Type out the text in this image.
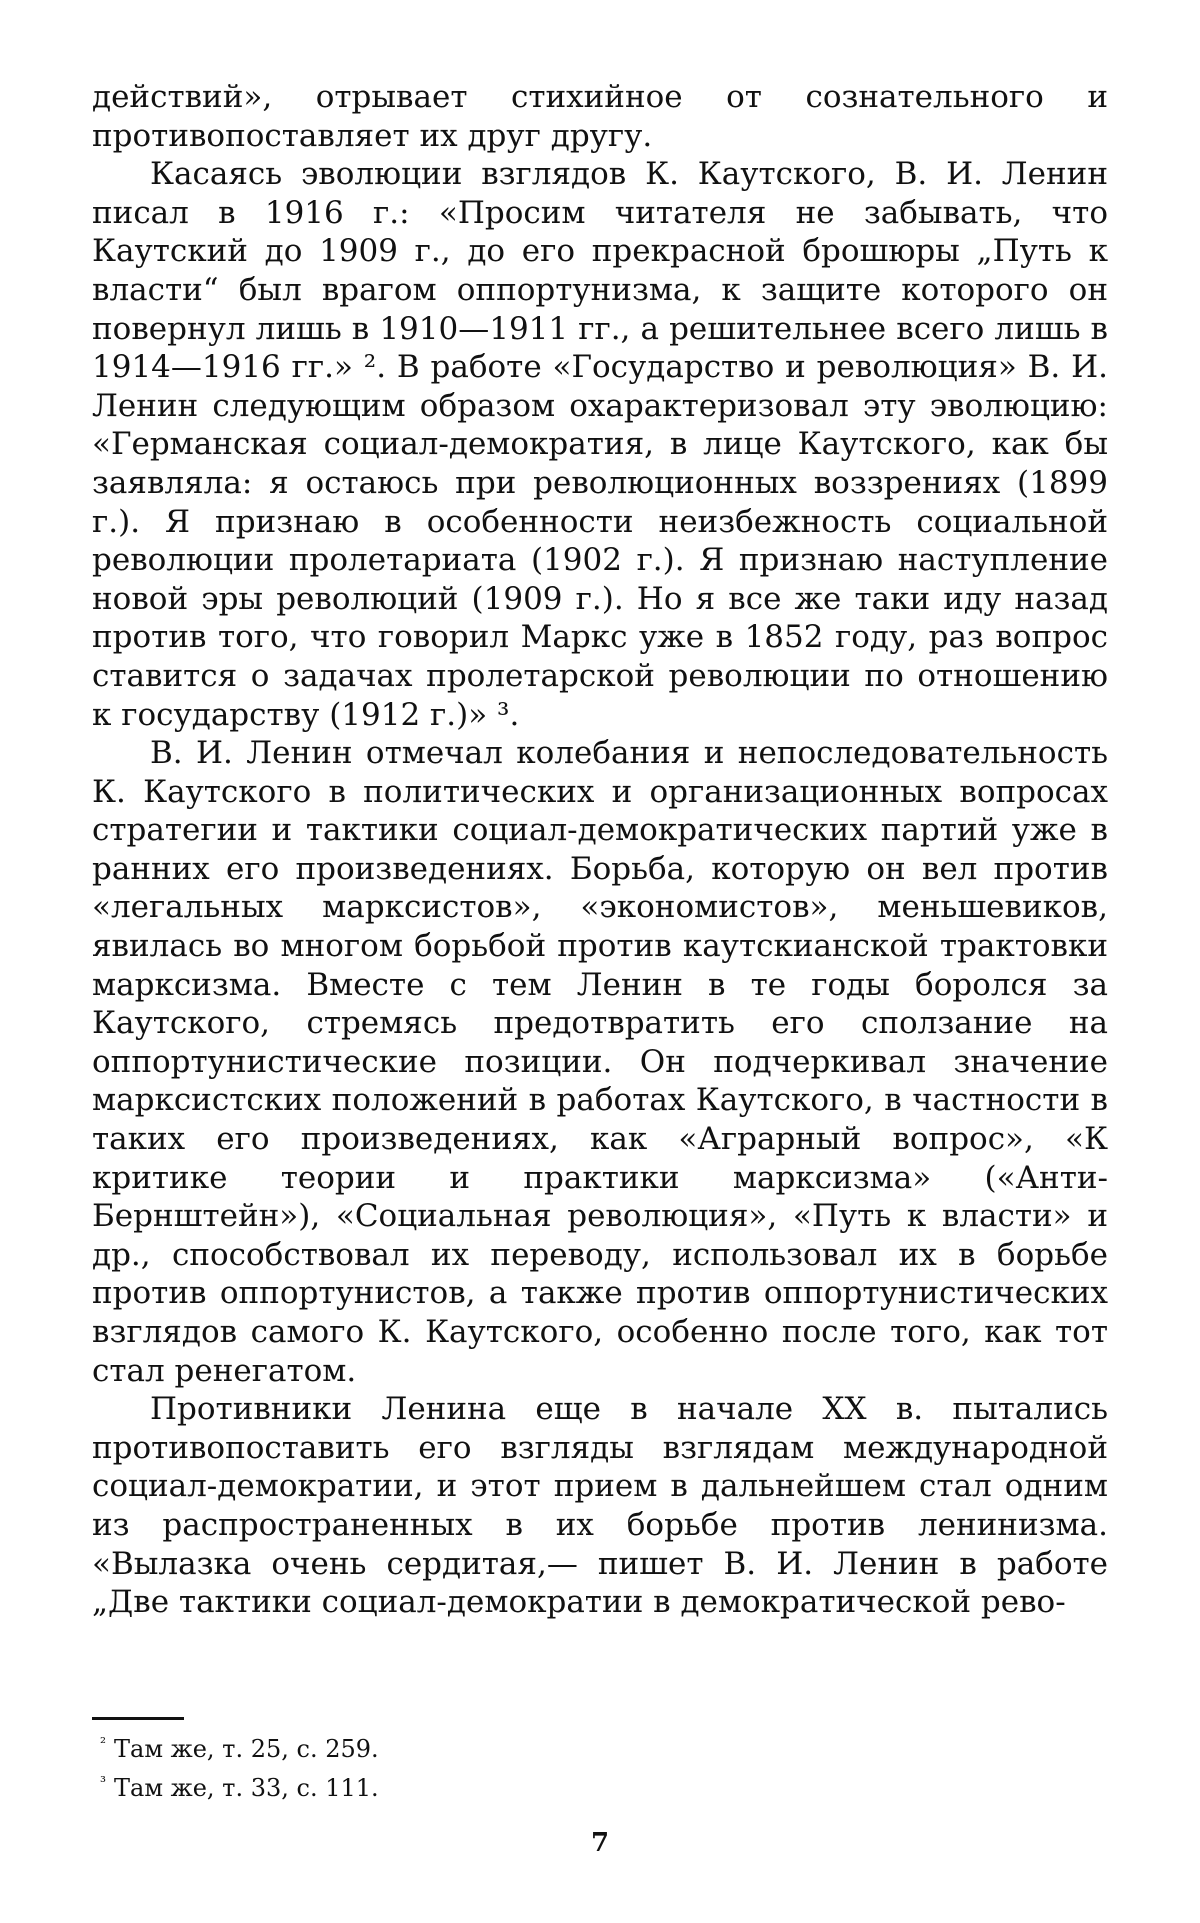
действий», отрывает стихийное от сознательного и противопоставляет их друг другу.

Касаясь эволюции взглядов К. Каутского, В. И. Ленин писал в 1916 г.: «Просим читателя не забывать, что Каутский до 1909 г., до его прекрасной брошюры „Путь к власти“ был врагом оппортунизма, к защите которого он повернул лишь в 1910—1911 гг., а решительнее всего лишь в 1914—1916 гг.» ². В работе «Государство и революция» В. И. Ленин следующим образом охарактеризовал эту эволюцию: «Германская социал-демократия, в лице Каутского, как бы заявляла: я остаюсь при революционных воззрениях (1899 г.). Я признаю в особенности неизбежность социальной революции пролетариата (1902 г.). Я признаю наступление новой эры революций (1909 г.). Но я все же таки иду назад против того, что говорил Маркс уже в 1852 году, раз вопрос ставится о задачах пролетарской революции по отношению к государству (1912 г.)» ³.

В. И. Ленин отмечал колебания и непоследовательность К. Каутского в политических и организационных вопросах стратегии и тактики социал-демократических партий уже в ранних его произведениях. Борьба, которую он вел против «легальных марксистов», «экономистов», меньшевиков, явилась во многом борьбой против каутскианской трактовки марксизма. Вместе с тем Ленин в те годы боролся за Каутского, стремясь предотвратить его сползание на оппортунистические позиции. Он подчеркивал значение марксистских положений в работах Каутского, в частности в таких его произведениях, как «Аграрный вопрос», «К критике теории и практики марксизма» («Анти-Бернштейн»), «Социальная революция», «Путь к власти» и др., способствовал их переводу, использовал их в борьбе против оппортунистов, а также против оппортунистических взглядов самого К. Каутского, особенно после того, как тот стал ренегатом.

Противники Ленина еще в начале XX в. пытались противопоставить его взгляды взглядам международной социал-демократии, и этот прием в дальнейшем стал одним из распространенных в их борьбе против ленинизма. «Вылазка очень сердитая,— пишет В. И. Ленин в работе „Две тактики социал-демократии в демократической рево-

$^{^2}$ Там же, т. 25, с. 259.

$^{^3}$ Там же, т. 33, с. 111.

7
